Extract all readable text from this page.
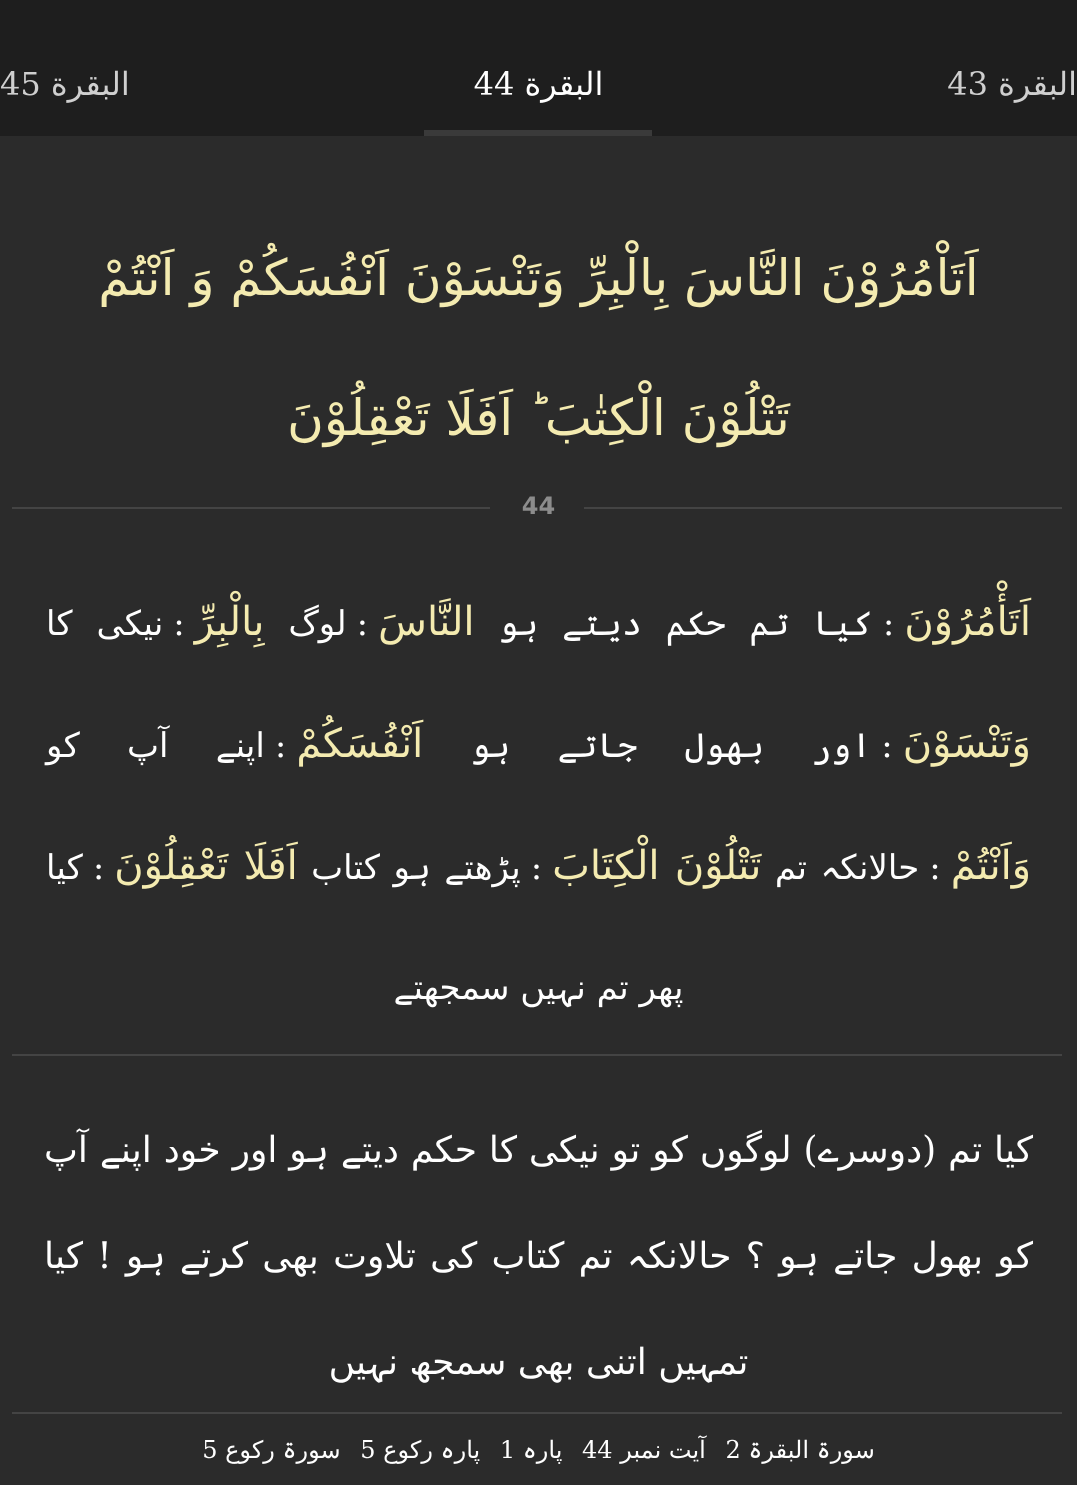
البقرة 45	البقرة 44	البقرة 43
اَتَاْمُرُوْنَ النَّاسَ بِالْبِرِّ وَتَنْسَوْنَ اَنْفُسَكُمْ وَ اَنْتُمْ تَتْلُوْنَ الْكِتٰبَ ؕ اَفَلَا تَعْقِلُوْنَ
44
اَتَأْمُرُوْنَ:کیا تم حکم دیتے ہو النَّاسَ:لوگ بِالْبِرِّ:نیکی کا وَتَنْسَوْنَ:اور بھول جاتے ہو اَنْفُسَكُمْ:اپنے آپ کو وَاَنْتُمْ:حالانکہ تم تَتْلُوْنَ الْكِتَابَ:پڑھتے ہو کتاب اَفَلَا تَعْقِلُوْنَ:کیا پھر تم نہیں سمجھتے
کیا تم (دوسرے) لوگوں کو تو نیکی کا حکم دیتے ہو اور خود اپنے آپ کو بھول جاتے ہو ؟ حالانکہ تم کتاب کی تلاوت بھی کرتے ہو ! کیا تمہیں اتنی بھی سمجھ نہیں
سورۃ البقرۃ 2 آیت نمبر 44 پارہ 1 پارہ رکوع 5 سورۃ رکوع 5
